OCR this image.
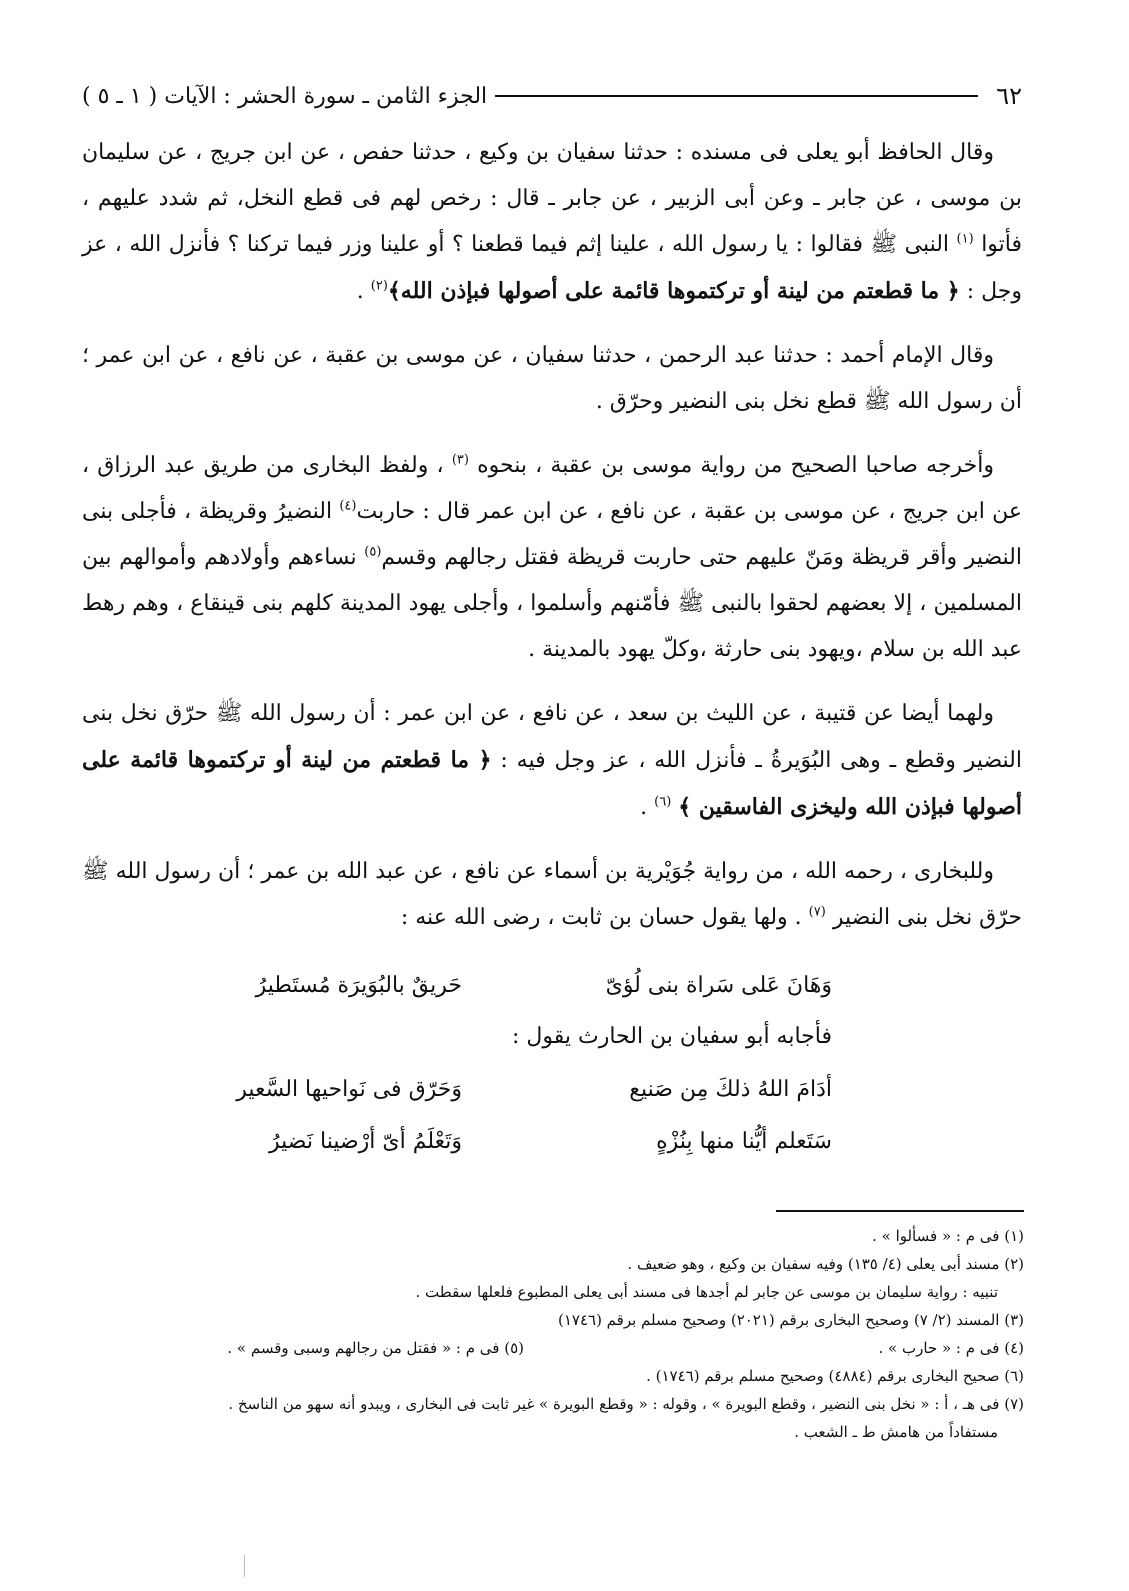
٦٢
الجزء الثامن ـ سورة الحشر : الآيات ( ١ ـ ٥ )

وقال الحافظ أبو يعلى فى مسنده : حدثنا سفيان بن وكيع ، حدثنا حفص ، عن ابن جريج ، عن سليمان بن موسى ، عن جابر ـ وعن أبى الزبير ، عن جابر ـ قال : رخص لهم فى قطع النخل، ثم شدد عليهم ، فأتوا $^{(١)}$ النبى ﷺ فقالوا : يا رسول الله ، علينا إثم فيما قطعنا ؟ أو علينا وزر فيما تركنا ؟ فأنزل الله ، عز وجل : ﴿ ما قطعتم من لينة أو تركتموها قائمة على أصولها فبإذن الله﴾$^{(٢)}$ .

وقال الإمام أحمد : حدثنا عبد الرحمن ، حدثنا سفيان ، عن موسى بن عقبة ، عن نافع ، عن ابن عمر ؛ أن رسول الله ﷺ قطع نخل بنى النضير وحرّق .

وأخرجه صاحبا الصحيح من رواية موسى بن عقبة ، بنحوه $^{(٣)}$ ، ولفظ البخارى من طريق عبد الرزاق ، عن ابن جريج ، عن موسى بن عقبة ، عن نافع ، عن ابن عمر قال : حاربت$^{(٤)}$ النضيرُ وقريظة ، فأجلى بنى النضير وأقر قريظة ومَنّ عليهم حتى حاربت قريظة فقتل رجالهم وقسم$^{(٥)}$ نساءهم وأولادهم وأموالهم بين المسلمين ، إلا بعضهم لحقوا بالنبى ﷺ فأمّنهم وأسلموا ، وأجلى يهود المدينة كلهم بنى قينقاع ، وهم رهط عبد الله بن سلام ،ويهود بنى حارثة ،وكلّ يهود بالمدينة .

ولهما أيضا عن قتيبة ، عن الليث بن سعد ، عن نافع ، عن ابن عمر : أن رسول الله ﷺ حرّق نخل بنى النضير وقطع ـ وهى البُوَيرةُ ـ فأنزل الله ، عز وجل فيه : ﴿ ما قطعتم من لينة أو تركتموها قائمة على أصولها فبإذن الله وليخزى الفاسقين ﴾ $^{(٦)}$ .

وللبخارى ، رحمه الله ، من رواية جُوَيْرية بن أسماء عن نافع ، عن عبد الله بن عمر ؛ أن رسول الله ﷺ حرّق نخل بنى النضير $^{(٧)}$ . ولها يقول حسان بن ثابت ، رضى الله عنه :

وَهَانَ عَلى سَراة بنى لُؤىّ
حَريقٌ بالبُوَيرَة مُستَطيرُ
فأجابه أبو سفيان بن الحارث يقول :
أدَامَ اللهُ ذلكَ مِن صَنيع
وَحَرّق فى نَواحيها السَّعير
سَتَعلم أيُّنا منها بِنُزْهٍ
وَتَعْلَمُ أىّ أرْضينا نَضيرُ

(١) فى م : « فسألوا » .

(٢) مسند أبى يعلى (٤/ ١٣٥) وفيه سفيان بن وكيع ، وهو ضعيف .

تنبيه : رواية سليمان بن موسى عن جابر لم أجدها فى مسند أبى يعلى المطبوع فلعلها سقطت .

(٣) المسند (٢/ ٧) وصحيح البخارى برقم (٢٠٢١) وصحيح مسلم برقم (١٧٤٦)

(٤) فى م : « حارب » .

(٥) فى م : « فقتل من رجالهم وسبى وقسم » .

(٦) صحيح البخارى برقم (٤٨٨٤) وصحيح مسلم برقم (١٧٤٦) .

(٧) فى هـ ، أ : « نخل بنى النضير ، وقطع البويرة » ، وقوله : « وقطع البويرة » غير ثابت فى البخارى ، ويبدو أنه سهو من الناسخ .

مستفاداً من هامش ط ـ الشعب .
